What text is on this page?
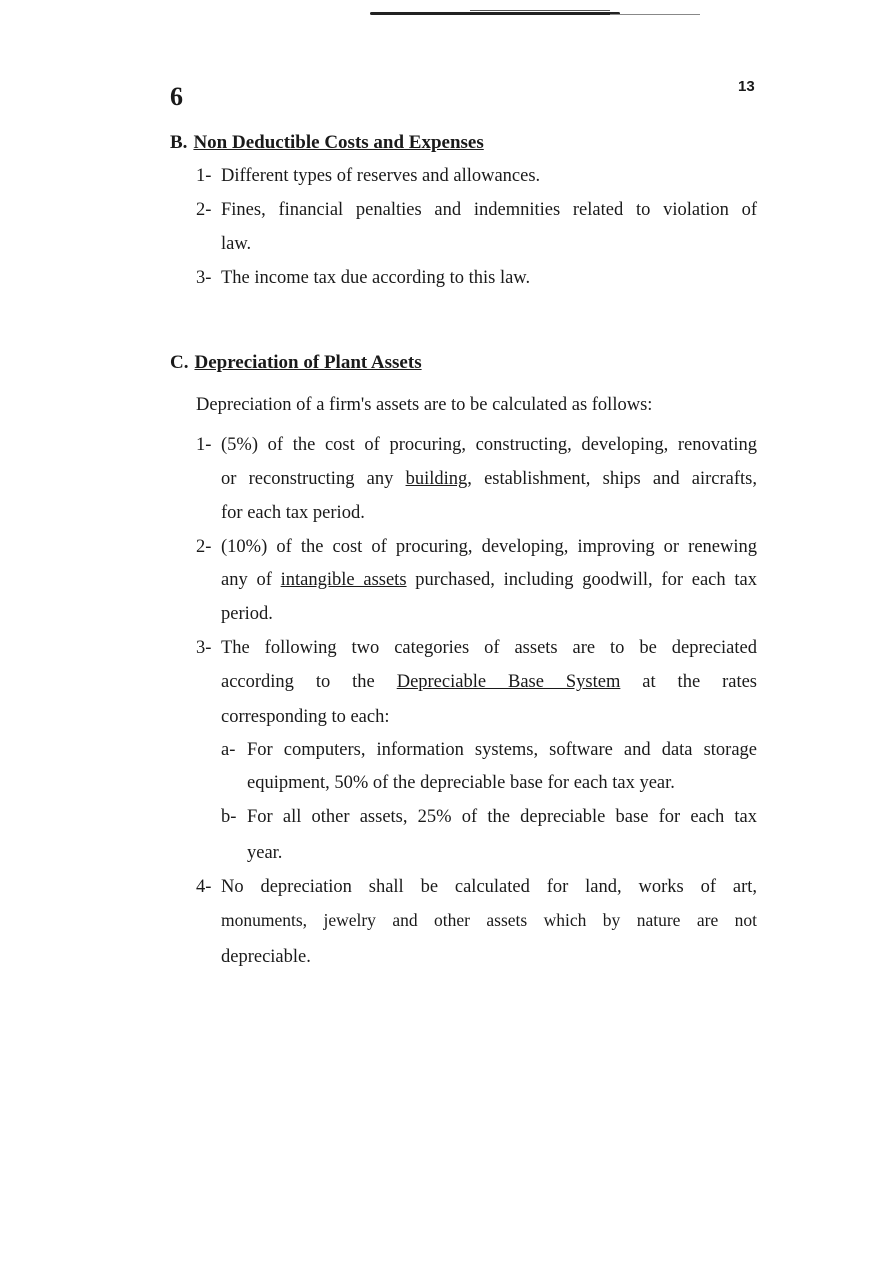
13
6
B. Non Deductible Costs and Expenses
1- Different types of reserves and allowances.
2- Fines, financial penalties and indemnities related to violation of
law.
3- The income tax due according to this law.
C. Depreciation of Plant Assets
Depreciation of a firm's assets are to be calculated as follows:
1- (5%) of the cost of procuring, constructing, developing, renovating
or reconstructing any building, establishment, ships and aircrafts,
for each tax period.
2- (10%) of the cost of procuring, developing, improving or renewing
any of intangible assets purchased, including goodwill, for each tax
period.
3- The following two categories of assets are to be depreciated
according to the Depreciable Base System at the rates
corresponding to each:
a- For computers, information systems, software and data storage
equipment, 50% of the depreciable base for each tax year.
b- For all other assets, 25% of the depreciable base for each tax
year.
4- No depreciation shall be calculated for land, works of art,
monuments, jewelry and other assets which by nature are not
depreciable.
